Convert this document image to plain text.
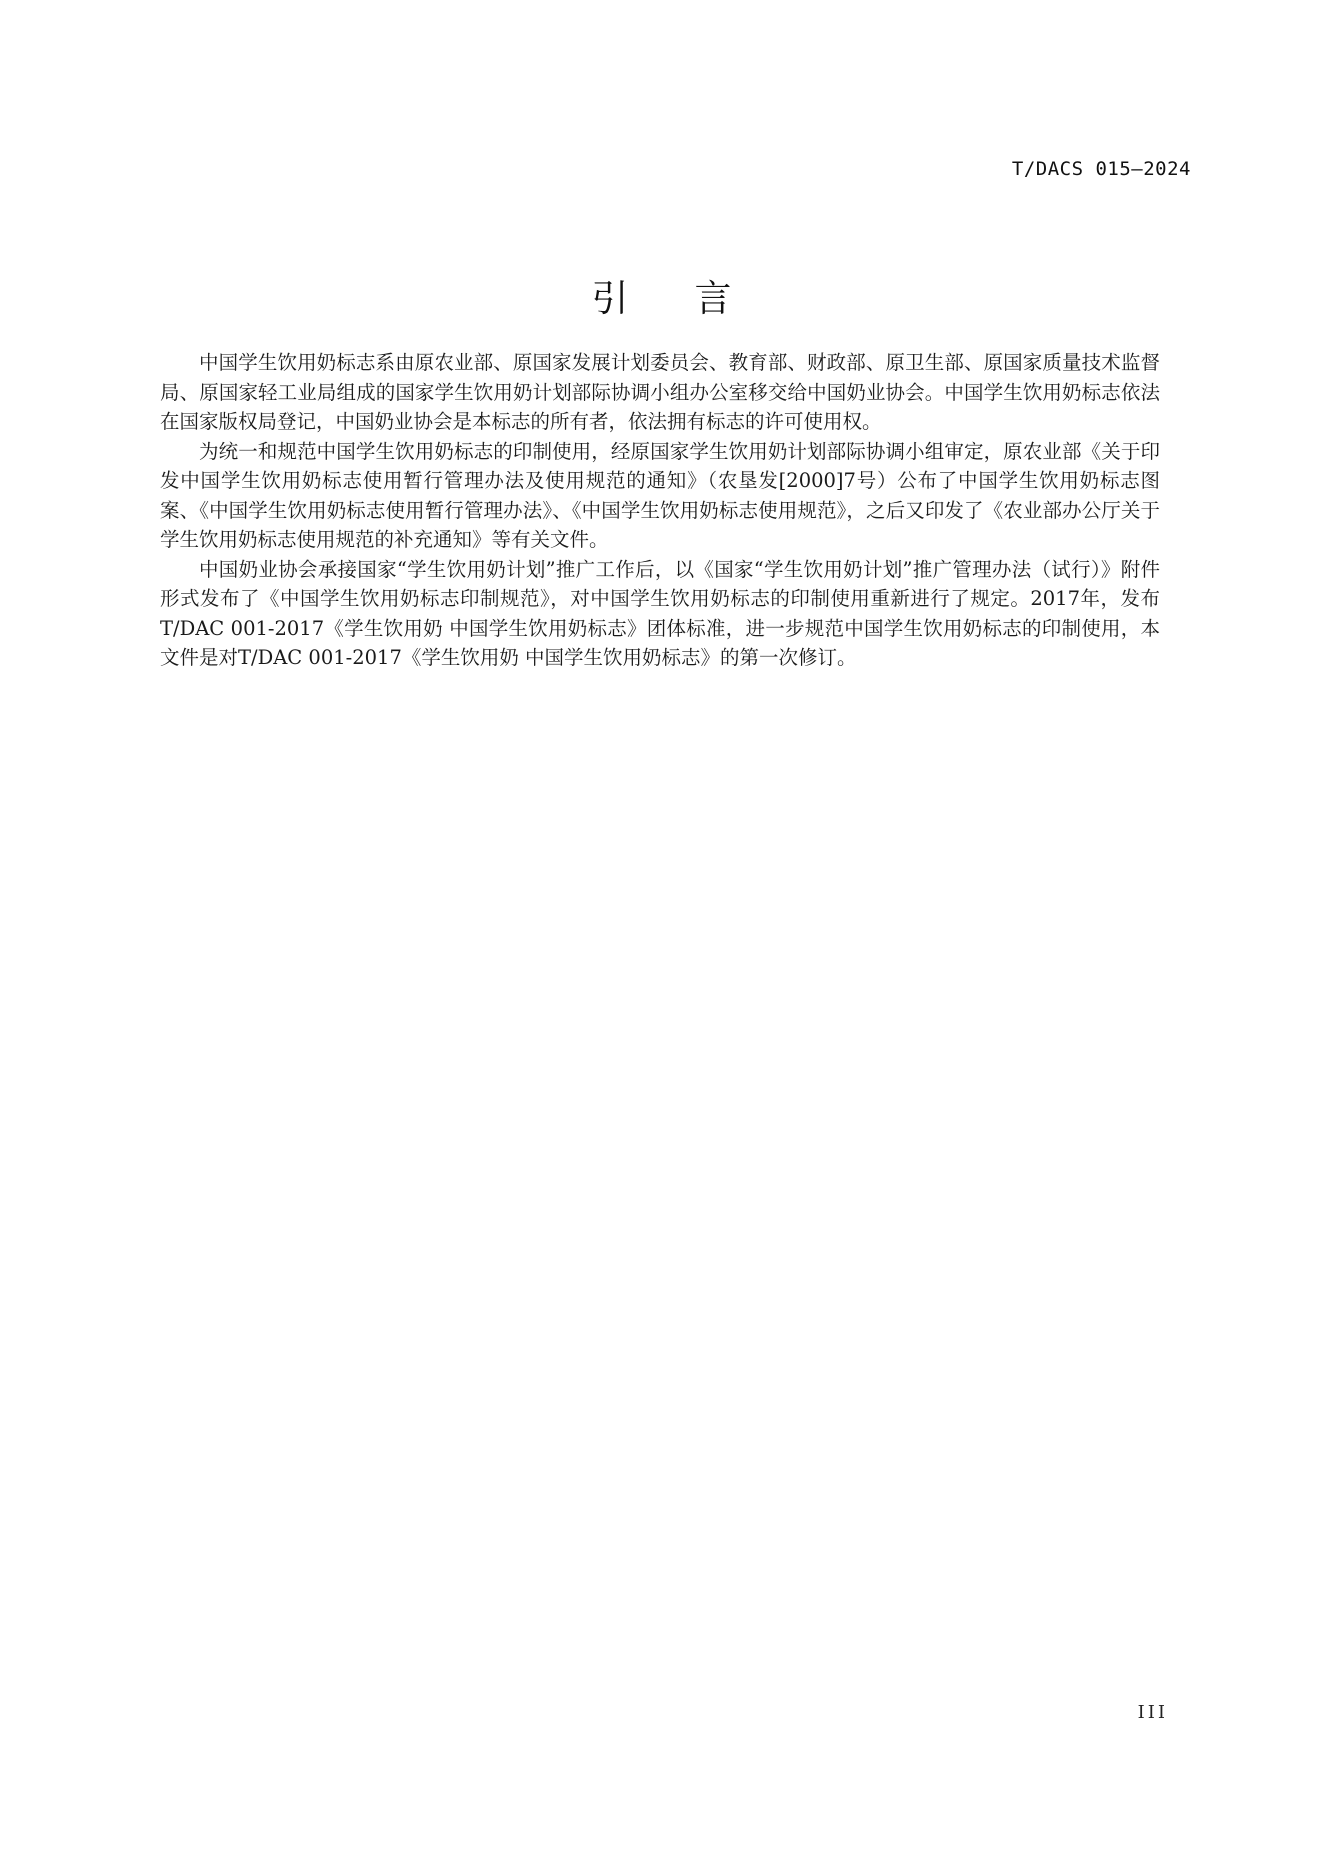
T/DACS 015—2024
引言

中国学生饮用奶标志系由原农业部、原国家发展计划委员会、教育部、财政部、原卫生部、原国家质量技术监督局、原国家轻工业局组成的国家学生饮用奶计划部际协调小组办公室移交给中国奶业协会。中国学生饮用奶标志依法在国家版权局登记，中国奶业协会是本标志的所有者，依法拥有标志的许可使用权。

为统一和规范中国学生饮用奶标志的印制使用，经原国家学生饮用奶计划部际协调小组审定，原农业部《关于印发中国学生饮用奶标志使用暂行管理办法及使用规范的通知》（农垦发[2000]7号）公布了中国学生饮用奶标志图案、《中国学生饮用奶标志使用暂行管理办法》、《中国学生饮用奶标志使用规范》，之后又印发了《农业部办公厅关于学生饮用奶标志使用规范的补充通知》等有关文件。

中国奶业协会承接国家“学生饮用奶计划”推广工作后，以《国家“学生饮用奶计划”推广管理办法（试行）》附件形式发布了《中国学生饮用奶标志印制规范》，对中国学生饮用奶标志的印制使用重新进行了规定。2017年，发布T/DAC 001-2017《学生饮用奶 中国学生饮用奶标志》团体标准，进一步规范中国学生饮用奶标志的印制使用，本文件是对T/DAC 001-2017《学生饮用奶 中国学生饮用奶标志》的第一次修订。

III
